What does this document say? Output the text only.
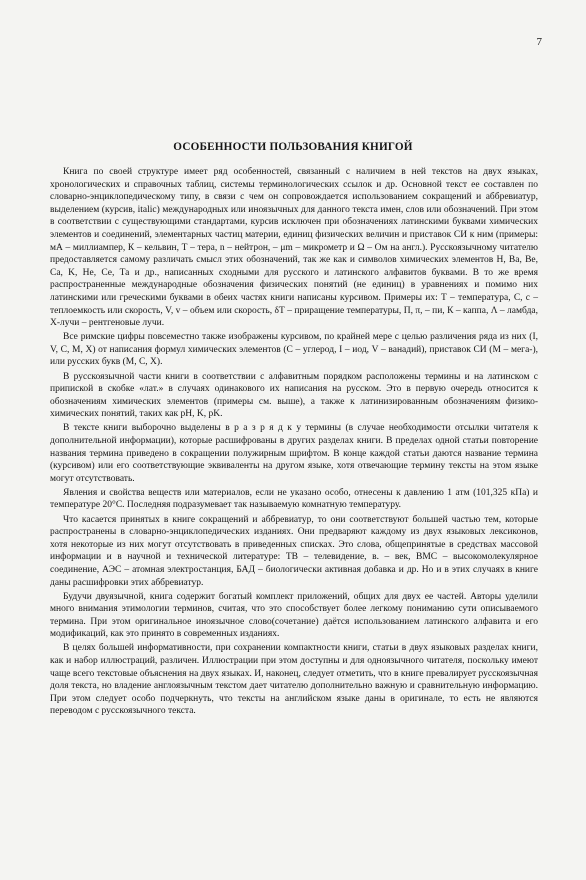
7
ОСОБЕННОСТИ ПОЛЬЗОВАНИЯ КНИГОЙ

Книга по своей структуре имеет ряд особенностей, связанный с наличием в ней текстов на двух языках, хронологических и справочных таблиц, системы терминологических ссылок и др. Основной текст ее составлен по словарно-энциклопедическому типу, в связи с чем он сопровождается использованием сокращений и аббревиатур, выделением (курсив, italic) международных или иноязычных для данного текста имен, слов или обозначений. При этом в соответствии с существующими стандартами, курсив исключен при обозначениях латинскими буквами химических элементов и соединений, элементарных частиц материи, единиц физических величин и приставок СИ к ним (примеры: мА – миллиампер, К – кельвин, Т – тера, n – нейтрон, – μm – микрометр и Ω – Ом на англ.). Русскоязычному читателю предоставляется самому различать смысл этих обозначений, так же как и символов химических элементов Н, Ва, Ве, Са, K, Не, Се, Та и др., написанных сходными для русского и латинского алфавитов буквами. В то же время распространенные международные обозначения физических понятий (не единиц) в уравнениях и помимо них латинскими или греческими буквами в обеих частях книги написаны курсивом. Примеры их: Т – температура, С, с – теплоемкость или скорость, V, v – объем или скорость, δТ – приращение температуры, П, π, – пи, К – каппа, Λ – ламбда, X-лучи – рентгеновые лучи.

Все римские цифры повсеместно также изображены курсивом, по крайней мере с целью различения ряда из них (I, V, C, M, X) от написания формул химических элементов (С – углерод, I – иод, V – ванадий), приставок СИ (М – мега-), или русских букв (М, С, X).

В русскоязычной части книги в соответствии с алфавитным порядком расположены термины и на латинском с припиской в скобке «лат.» в случаях одинакового их написания на русском. Это в первую очередь относится к обозначениям химических элементов (примеры см. выше), а также к латинизированным обозначениям физико-химических понятий, таких как pH, K, pK.

В тексте книги выборочно выделены в р а з р я д к у термины (в случае необходимости отсылки читателя к дополнительной информации), которые расшифрованы в других разделах книги. В пределах одной статьи повторение названия термина приведено в сокращении полужирным шрифтом. В конце каждой статьи даются название термина (курсивом) или его соответствующие эквиваленты на другом языке, хотя отвечающие термину тексты на этом языке могут отсутствовать.

Явления и свойства веществ или материалов, если не указано особо, отнесены к давлению 1 атм (101,325 кПа) и температуре 20°С. Последняя подразумевает так называемую комнатную температуру.

Что касается принятых в книге сокращений и аббревиатур, то они соответствуют большей частью тем, которые распространены в словарно-энциклопедических изданиях. Они предваряют каждому из двух языковых лексиконов, хотя некоторые из них могут отсутствовать в приведенных списках. Это слова, общепринятые в средствах массовой информации и в научной и технической литературе: ТВ – телевидение, в. – век, ВМС – высокомолекулярное соединение, АЭС – атомная электростанция, БАД – биологически активная добавка и др. Но и в этих случаях в книге даны расшифровки этих аббревиатур.

Будучи двуязычной, книга содержит богатый комплект приложений, общих для двух ее частей. Авторы уделили много внимания этимологии терминов, считая, что это способствует более легкому пониманию сути описываемого термина. При этом оригинальное иноязычное слово(сочетание) даётся использованием латинского алфавита и его модификаций, как это принято в современных изданиях.

В целях большей информативности, при сохранении компактности книги, статьи в двух языковых разделах книги, как и набор иллюстраций, различен. Иллюстрации при этом доступны и для одноязычного читателя, поскольку имеют чаще всего текстовые объяснения на двух языках. И, наконец, следует отметить, что в книге превалирует русскоязычная доля текста, но владение англоязычным текстом дает читателю дополнительно важную и сравнительную информацию. При этом следует особо подчеркнуть, что тексты на английском языке даны в оригинале, то есть не являются переводом с русскоязычного текста.
